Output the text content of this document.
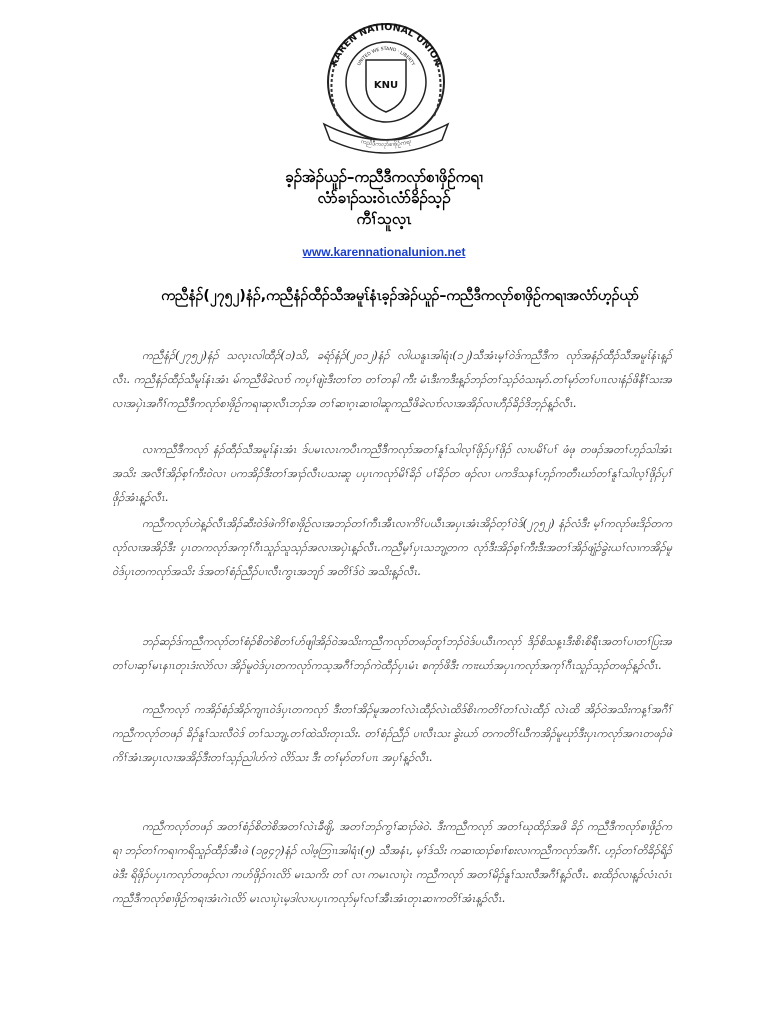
KAREN NATIONAL UNION
KNU
UNITED WE STAND · LIBERTY
ကညီဒီကလုာ်စၢဖှိဉ်ကရၢ
ခ့ၣ်အဲၣ်ယူၣ်–ကညီဒီကလုာ်စၢဖှိဉ်ကရၢ
လံာ်ခၢၣ်သးဝဲၤလံာ်ခိၣ်သ့ၣ်
ကီၢ်သူလ့ၤ
www.karennationalunion.net
ကညီနံၣ်(၂၇၅၂)နံၣ်,ကညီနံၣ်ထီၣ်သီအမူၤ်နံၤခ့ၣ်အဲၣ်ယူၣ်–ကညီဒီကလုာ်စၢဖှိဉ်ကရၢအလံာ်ဟ့ၣ်ယုာ်

ကညီနံၣ်(၂၇၅၂)နံၣ် သလ့ၤလါထီၣ်(၁)သိ, ခရံာ်နံၣ်(၂၀၁၂)နံၣ် လါယနူၤအါရံၤ(၁၂)သီအံၤမ့ၢ်ဝဲဒ်ကညီဒီက လုာ်အနံၣ်ထီၣ်သီအမူၤ်နံၤန့ၣ်လီၤ. ကညီနံၣ်ထီၣ်သီမူၤ်နံၤအံၤ မ်ကညီဖိခဲလၢာ် ကပ့ၢ်ဖျဲးဒီးတၢ်တ တၢ်တနါ ကီး မံၤဒီးကဒီးန့ၣ်ဘၣ်တၢ်သ့ၣ်ဝံသးမုာ်.တၢ်မုာ်တၢ်ပၢၤလၢနံၣ်ဖိနီၢ်သးအလၢအပှဲၤအဂီၢ်ကညီဒီကလုာ်စၢဖှိဉ်ကရၢဆုၢလီၤဘၣ်အ တၢ်ဆၢဂ့ၤဆၢဝါဆူကညီဖိခဲလၢာ်လၢအအိၣ်လၢဟီၣ်ခိၣ်ဒိဘ့ၣ်န့ၣ်လီၤ.

လၢကညီဒီကလုာ် နံၣ်ထီၣ်သီအမူၤ်နံၤအံၤ ဒ်ပမၤလၤကပီၤကညီဒီကလုာ်အတၢ်နူၢ်သါလ့ၢ်ဖိုၣ်ပှၢ်ဖိုၣ် လၢပမိၢ်ပၢ် ဖံဖု တဖၣ်အတၢ်ဟ့ၣ်သါအံၤအသိး အလီၢ်အိၣ်စ့ၢ်ကီးဝဲလၢ ပကအိၣ်ဒီးတၢ်အၢၣ်လီၤပသးဆူ ပပှၤကလုာ်မိၢ်ခိၣ် ပၢ်ခိၣ်တ ဖၣ်လၢ ပကဒိသနၢ်ဟ့ၣ်ကတီၤဃာ်တၢ်နူၢ်သါလ့ၢ်ဖိုၣ်ပှၢ်ဖိုၣ်အံၤန့ၣ်လီၤ.

ကညီကလုာ်ဟဲန့ၣ်လီၤအိၣ်ဆီးဝဲဒ်ဖဲကိၢ်စၢဖှိဉ်လၢအဘၣ်တၢ်ကီၤအီၤလၢကိၢ်ပယီၤအပှၤအံၤအိၣ်တ့ၢ်ဝဲဒ်(၂၇၅၂) နံၣ်လံဒီး မ့ၢ်ကလုာ်ဖးဒိၣ်တကလုာ်လၢအအိၣ်ဒီး ပှၤတကလုာ်အကုၢ်ဂီၤသူၣ်သူသ့ၣ်အလၢအပှဲၤန့ၣ်လီၤ.ကညီမ့ၢ်ပှၤသဘျ့တက လုာ်ဒီးအိၣ်စ့ၢ်ကီးဒီးအတၢ်အိၣ်ဖျံၣ်ခွဲးယၢ်လၢကအိၣ်မူဝဲဒ်ပှၤတကလုာ်အသိး ဒ်အတၢ်စံၣ်ညီၣ်ပၢလီၤကွၤအဘျာ် အတိၢ်ဒ်ဝဲ အသိးန့ၣ်လီၤ.

ဘၣ်ဆၣ်ဒ်ကညီကလုာ်တၢ်စံၣ်စိတဲစိတၢ်ဟ်ဖျါအိၣ်ဝဲအသိးကညီကလုာ်တဖၣ်တူၢ်ဘၣ်ဝဲဒ်ပယီၤကလုာ် ဒိၣ်စိသန့ၤဒီးစိၤစိရီၤအတၢ်ပၢတၢ်ပြးအတၢ်ပၢဆှၢ်မၤနၢၤတုၤဒံးလဲာ်လၢ အိၣ်မူဝဲဒ်ပှၤတကလုာ်ကသ့အဂီၢ်ဘၣ်ကဲထီၣ်ပှၤမံၤ စကုာ်ဖိဒီး ကၢးဃာ်အပှၤကလုာ်အကုၢ်ဂီၤသူၣ်သ့ၣ်တဖၣ်န့ၣ်လီၤ.

ကညီကလုာ် ကအိၣ်စံၣ်အိၣ်ကျၢၤဝဲဒ်ပှၤတကလုာ် ဒီးတၢ်အိၣ်မူအတၢ်လဲၤထီၣ်လဲၤထိဒ်စိၤကတိၢ်တၢ်လဲၤထီၣ် လဲၤထိ အိၣ်ဝဲအသိးကန့ၢ်အဂီၢ် ကညီကလုာ်တဖၣ် ခိၣ်နူၢ်သးလီဝဲဒ် တၢ်သဘျ့.တၢ်ထဲသိးတုၤသိး. တၢ်စံၣ်ညီၣ် ပၢလီၤသး ခွဲးယာ် တကတိၢ်ဃီကအိၣ်မူဃုာ်ဒီးပှၤကလုာ်အဂၤတဖၣ်ဖဲကိၢ်အံၤအပှၤလၢအအိၣ်ဒီးတၢ်သ့ၣ်ညါဟ်ကဲ လိာ်သး ဒီး တၢ်မုာ်တၢ်ပၢၤ အပှၢ်န့ၣ်လီၤ.

ကညီကလုာ်တဖၣ် အတၢ်စံၣ်စိတဲစိအတၢ်လဲၤခီဖျိ, အတၢ်ဘၣ်ကွၢ်ဆၢၣ်ဖဲဝဲ. ဒီးကညီကလုာ် အတၢ်ဃုထိၣ်အဖိ ခိၣ် ကညီဒီကလုာ်စၢဖှိဉ်ကရၢ ဘၣ်တၢ်ကရၢကရိသူၣ်ထီၣ်အီၤဖဲ (၁၉၄၇)နံၣ် လါဖ့ဘြၢၤအါရံၤ(၅) သီအနံၤ, မ့ၢ်ဒ်သိး ကဆၢထၢၣ်စၢၢ်စးလၢကညီကလုာ်အဂီၢ်. ဟ့ၣ်တၢ်တိခိၣ်ရိၣ်ဖဲဒီး ရိဖိုၣ်ပပှၤကလုာ်တဖၣ်လၢ ကဟ်ဖိုၣ်ဂၤလိာ် မၤသကိး တၢ် လၢ ကမၤလၢပှဲၤ ကညီကလုာ် အတၢ်မိၣ်နူၢ်သးလီအဂီၢ်န့ၣ်လီၤ. စးထိၣ်လၢန့ၣ်လံၤလံၤကညီဒီကလုာ်စၢဖှိဉ်ကရၢအံၤဂဲၤလိာ် မၤလၢပှဲၤမ့ဒါလၢပပှၤကလုာ်မှၢ်လၢ်အီၤအံၤတုၤဆၢကတိၢ်အံၤန့ၣ်လီၤ.
